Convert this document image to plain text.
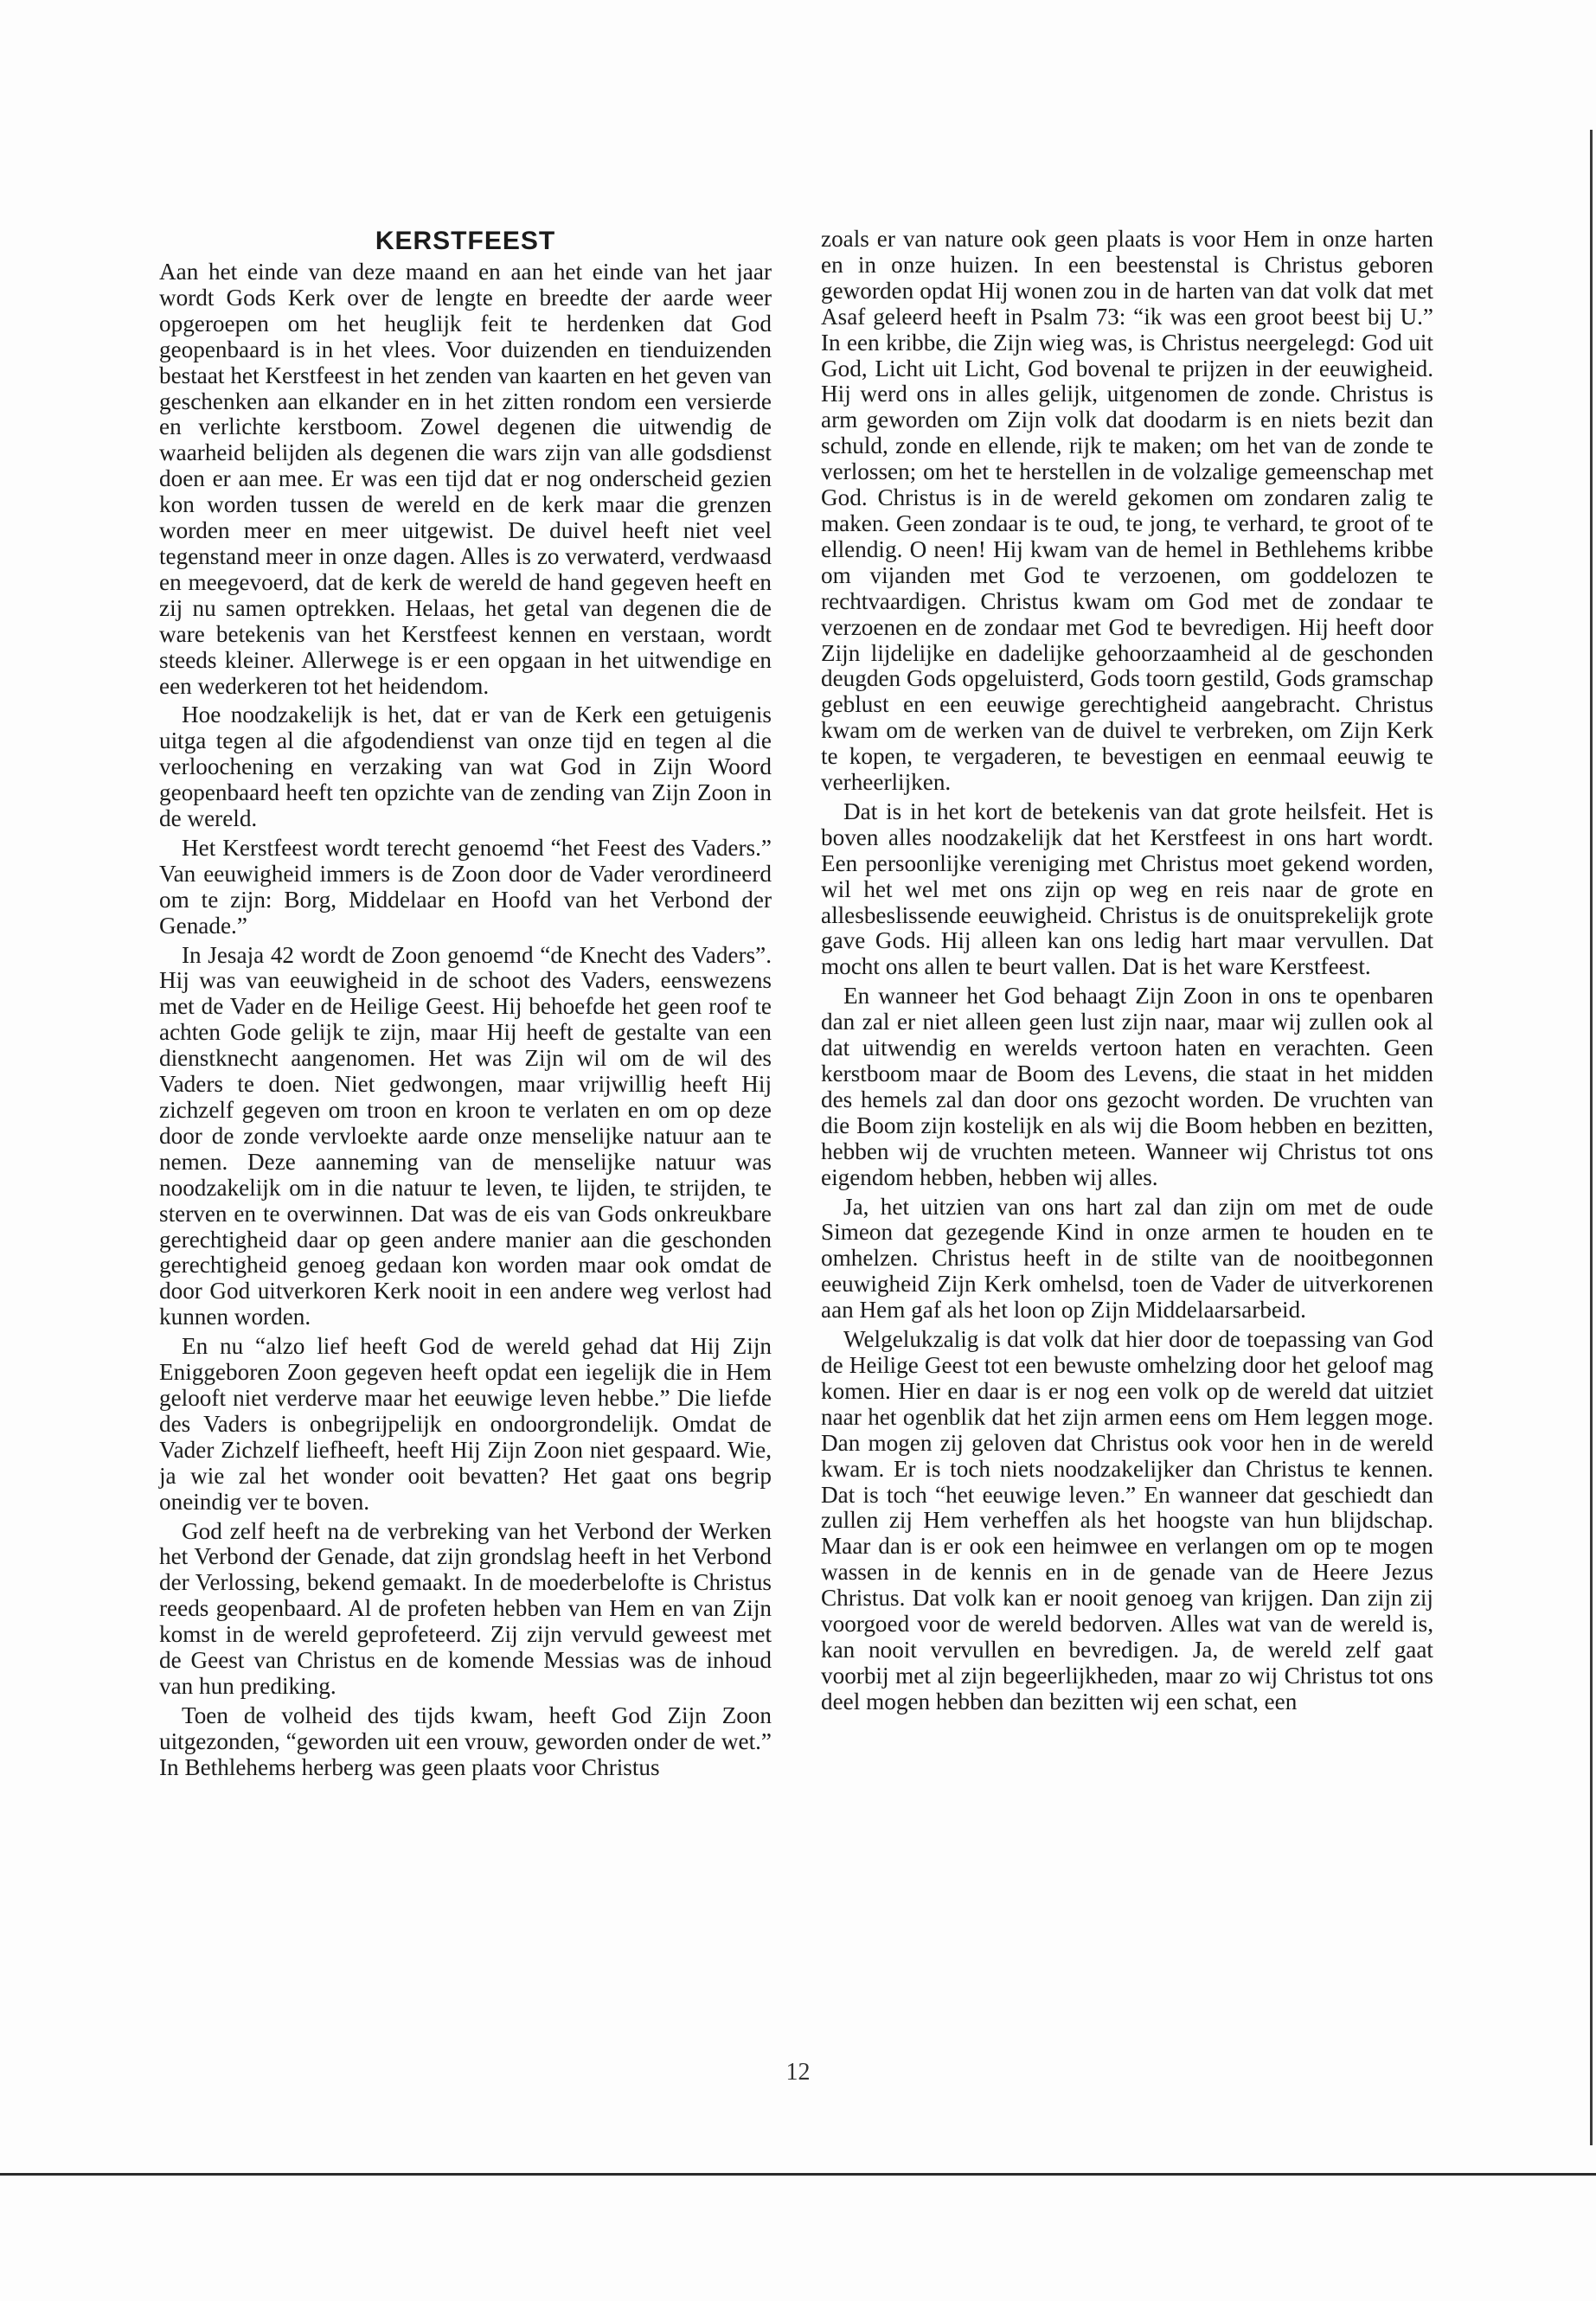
KERSTFEEST

Aan het einde van deze maand en aan het einde van het jaar wordt Gods Kerk over de lengte en breedte der aarde weer opgeroepen om het heuglijk feit te herdenken dat God geopenbaard is in het vlees. Voor duizenden en tienduizenden bestaat het Kerstfeest in het zenden van kaarten en het geven van geschenken aan elkander en in het zitten rondom een versierde en verlichte kerstboom. Zowel degenen die uitwendig de waarheid belijden als degenen die wars zijn van alle godsdienst doen er aan mee. Er was een tijd dat er nog onderscheid gezien kon worden tussen de wereld en de kerk maar die grenzen worden meer en meer uitgewist. De duivel heeft niet veel tegenstand meer in onze dagen. Alles is zo verwaterd, verdwaasd en meegevoerd, dat de kerk de wereld de hand gegeven heeft en zij nu samen optrekken. Helaas, het getal van degenen die de ware betekenis van het Kerstfeest kennen en verstaan, wordt steeds kleiner. Allerwege is er een opgaan in het uitwendige en een wederkeren tot het heidendom.

Hoe noodzakelijk is het, dat er van de Kerk een getuigenis uitga tegen al die afgodendienst van onze tijd en tegen al die verloochening en verzaking van wat God in Zijn Woord geopenbaard heeft ten opzichte van de zending van Zijn Zoon in de wereld.

Het Kerstfeest wordt terecht genoemd “het Feest des Vaders.” Van eeuwigheid immers is de Zoon door de Vader verordineerd om te zijn: Borg, Middelaar en Hoofd van het Verbond der Genade.”

In Jesaja 42 wordt de Zoon genoemd “de Knecht des Vaders”. Hij was van eeuwigheid in de schoot des Vaders, eenswezens met de Vader en de Heilige Geest. Hij behoefde het geen roof te achten Gode gelijk te zijn, maar Hij heeft de gestalte van een dienstknecht aangenomen. Het was Zijn wil om de wil des Vaders te doen. Niet gedwongen, maar vrijwillig heeft Hij zichzelf gegeven om troon en kroon te verlaten en om op deze door de zonde vervloekte aarde onze menselijke natuur aan te nemen. Deze aanneming van de menselijke natuur was noodzakelijk om in die natuur te leven, te lijden, te strijden, te sterven en te overwinnen. Dat was de eis van Gods onkreukbare gerechtigheid daar op geen andere manier aan die geschonden gerechtigheid genoeg gedaan kon worden maar ook omdat de door God uitverkoren Kerk nooit in een andere weg verlost had kunnen worden.

En nu “alzo lief heeft God de wereld gehad dat Hij Zijn Eniggeboren Zoon gegeven heeft opdat een iegelijk die in Hem gelooft niet verderve maar het eeuwige leven hebbe.” Die liefde des Vaders is onbegrijpelijk en ondoorgrondelijk. Omdat de Vader Zichzelf liefheeft, heeft Hij Zijn Zoon niet gespaard. Wie, ja wie zal het wonder ooit bevatten? Het gaat ons begrip oneindig ver te boven.

God zelf heeft na de verbreking van het Verbond der Werken het Verbond der Genade, dat zijn grondslag heeft in het Verbond der Verlossing, bekend gemaakt. In de moederbelofte is Christus reeds geopenbaard. Al de profeten hebben van Hem en van Zijn komst in de wereld geprofeteerd. Zij zijn vervuld geweest met de Geest van Christus en de komende Messias was de inhoud van hun prediking.

Toen de volheid des tijds kwam, heeft God Zijn Zoon uitgezonden, “geworden uit een vrouw, geworden onder de wet.” In Bethlehems herberg was geen plaats voor Christus

zoals er van nature ook geen plaats is voor Hem in onze harten en in onze huizen. In een beestenstal is Christus geboren geworden opdat Hij wonen zou in de harten van dat volk dat met Asaf geleerd heeft in Psalm 73: “ik was een groot beest bij U.” In een kribbe, die Zijn wieg was, is Christus neergelegd: God uit God, Licht uit Licht, God bovenal te prijzen in der eeuwigheid. Hij werd ons in alles gelijk, uitgenomen de zonde. Christus is arm geworden om Zijn volk dat doodarm is en niets bezit dan schuld, zonde en ellende, rijk te maken; om het van de zonde te verlossen; om het te herstellen in de volzalige gemeenschap met God. Christus is in de wereld gekomen om zondaren zalig te maken. Geen zondaar is te oud, te jong, te verhard, te groot of te ellendig. O neen! Hij kwam van de hemel in Bethlehems kribbe om vijanden met God te verzoenen, om goddelozen te rechtvaardigen. Christus kwam om God met de zondaar te verzoenen en de zondaar met God te bevredigen. Hij heeft door Zijn lijdelijke en dadelijke gehoorzaamheid al de geschonden deugden Gods opgeluisterd, Gods toorn gestild, Gods gramschap geblust en een eeuwige gerechtigheid aangebracht. Christus kwam om de werken van de duivel te verbreken, om Zijn Kerk te kopen, te vergaderen, te bevestigen en eenmaal eeuwig te verheerlijken.

Dat is in het kort de betekenis van dat grote heilsfeit. Het is boven alles noodzakelijk dat het Kerstfeest in ons hart wordt. Een persoonlijke vereniging met Christus moet gekend worden, wil het wel met ons zijn op weg en reis naar de grote en allesbeslissende eeuwigheid. Christus is de onuitsprekelijk grote gave Gods. Hij alleen kan ons ledig hart maar vervullen. Dat mocht ons allen te beurt vallen. Dat is het ware Kerstfeest.

En wanneer het God behaagt Zijn Zoon in ons te openbaren dan zal er niet alleen geen lust zijn naar, maar wij zullen ook al dat uitwendig en werelds vertoon haten en verachten. Geen kerstboom maar de Boom des Levens, die staat in het midden des hemels zal dan door ons gezocht worden. De vruchten van die Boom zijn kostelijk en als wij die Boom hebben en bezitten, hebben wij de vruchten meteen. Wanneer wij Christus tot ons eigendom hebben, hebben wij alles.

Ja, het uitzien van ons hart zal dan zijn om met de oude Simeon dat gezegende Kind in onze armen te houden en te omhelzen. Christus heeft in de stilte van de nooitbegonnen eeuwigheid Zijn Kerk omhelsd, toen de Vader de uitverkorenen aan Hem gaf als het loon op Zijn Middelaarsarbeid.

Welgelukzalig is dat volk dat hier door de toepassing van God de Heilige Geest tot een bewuste omhelzing door het geloof mag komen. Hier en daar is er nog een volk op de wereld dat uitziet naar het ogenblik dat het zijn armen eens om Hem leggen moge. Dan mogen zij geloven dat Christus ook voor hen in de wereld kwam. Er is toch niets noodzakelijker dan Christus te kennen. Dat is toch “het eeuwige leven.” En wanneer dat geschiedt dan zullen zij Hem verheffen als het hoogste van hun blijdschap. Maar dan is er ook een heimwee en verlangen om op te mogen wassen in de kennis en in de genade van de Heere Jezus Christus. Dat volk kan er nooit genoeg van krijgen. Dan zijn zij voorgoed voor de wereld bedorven. Alles wat van de wereld is, kan nooit vervullen en bevredigen. Ja, de wereld zelf gaat voorbij met al zijn begeerlijkheden, maar zo wij Christus tot ons deel mogen hebben dan bezitten wij een schat, een

12
